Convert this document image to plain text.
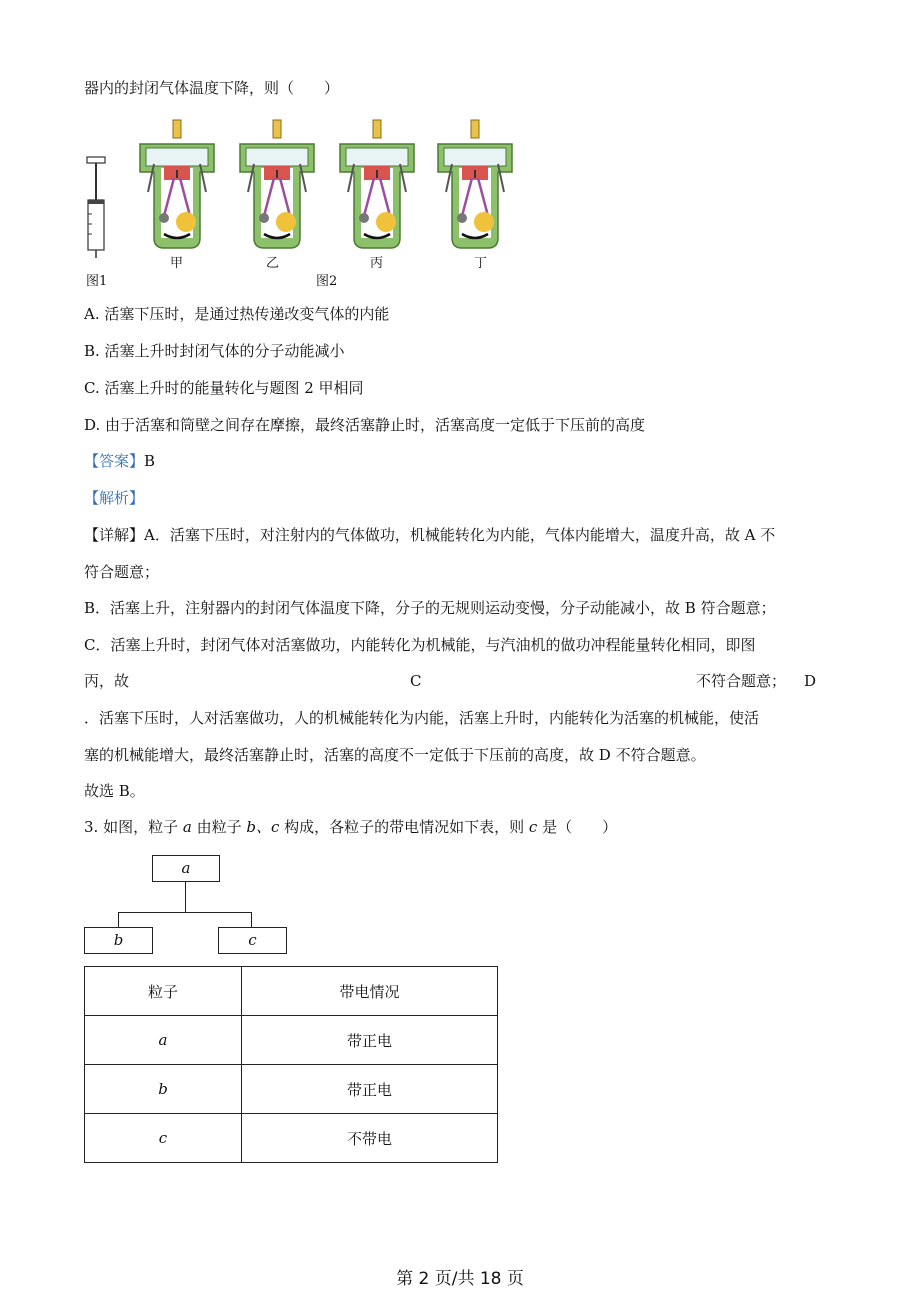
器内的封闭气体温度下降，则（　　）
图1
甲	乙	丙	丁
图2
A. 活塞下压时，是通过热传递改变气体的内能
B. 活塞上升时封闭气体的分子动能减小
C. 活塞上升时的能量转化与题图 2 甲相同
D. 由于活塞和筒壁之间存在摩擦，最终活塞静止时，活塞高度一定低于下压前的高度
【答案】B
【解析】
【详解】A．活塞下压时，对注射内的气体做功，机械能转化为内能，气体内能增大，温度升高，故 A 不
符合题意；
B．活塞上升，注射器内的封闭气体温度下降，分子的无规则运动变慢，分子动能减小，故 B 符合题意；
C．活塞上升时，封闭气体对活塞做功，内能转化为机械能，与汽油机的做功冲程能量转化相同，即图
丙，故	C	不符合题意； D
．活塞下压时，人对活塞做功，人的机械能转化为内能，活塞上升时，内能转化为活塞的机械能，使活
塞的机械能增大，最终活塞静止时，活塞的高度不一定低于下压前的高度，故 D 不符合题意。
故选 B。
3. 如图，粒子 a 由粒子 b、c 构成，各粒子的带电情况如下表，则 c 是（　　）
a
b	c
粒子	带电情况
a	带正电
b	带正电
c	不带电
第 2 页/共 18 页
